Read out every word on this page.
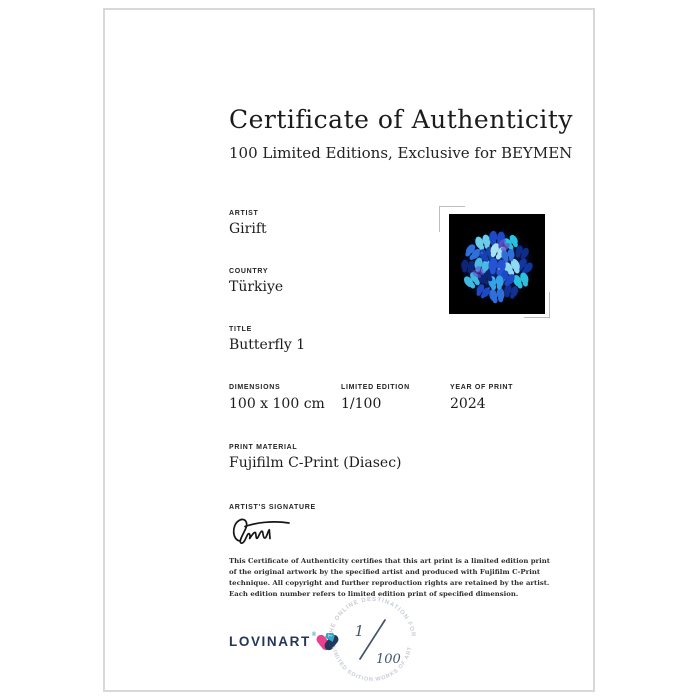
Certificate of Authenticity
100 Limited Editions, Exclusive for BEYMEN
ARTIST
Girift
COUNTRY
Türkiye
TITLE
Butterfly 1
DIMENSIONS
100 x 100 cm
LIMITED EDITION
1/100
YEAR OF PRINT
2024
PRINT MATERIAL
Fujifilm C-Print (Diasec)
ARTIST'S SIGNATURE
This Certificate of Authenticity certifies that this art print is a limited edition print of the original artwork by the specified artist and produced with Fujifilm C-Print technique. All copyright and further reproduction rights are retained by the artist. Each edition number refers to limited edition print of specified dimension.
LOVINART ® THE ONLINE DESTINATION FOR
LIMITED EDITION WORKS OF ART
1
100
